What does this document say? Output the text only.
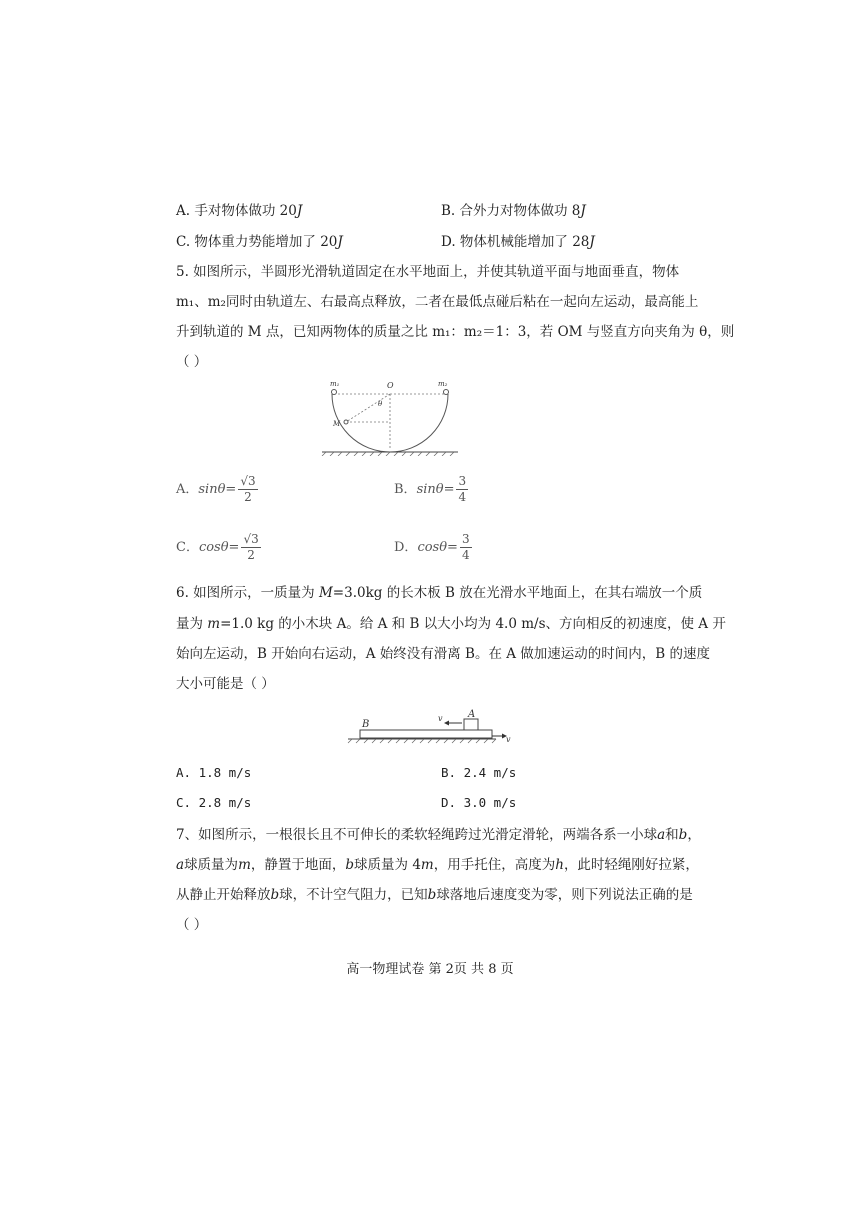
A. 手对物体做功 20J	B. 合外力对物体做功 8J
C. 物体重力势能增加了 20J	D. 物体机械能增加了 28J
5. 如图所示，半圆形光滑轨道固定在水平地面上，并使其轨道平面与地面垂直，物体
m₁、m₂同时由轨道左、右最高点释放，二者在最低点碰后粘在一起向左运动，最高能上
升到轨道的 M 点，已知两物体的质量之比 m₁：m₂＝1：3，若 OM 与竖直方向夹角为 θ，则
（ ）
m₁	m₂
O
θ
M
A．$\sin\theta= \frac{√3}{2}$	B．$\sin\theta= \frac{3}{4}$
C．$\cos\theta= \frac{√3}{2}$	D．$\cos\theta= \frac{3}{4}$
6. 如图所示，一质量为 M=3.0kg 的长木板 B 放在光滑水平地面上，在其右端放一个质
量为 m=1.0 kg 的小木块 A。给 A 和 B 以大小均为 4.0 m/s、方向相反的初速度，使 A 开
始向左运动，B 开始向右运动，A 始终没有滑离 B。在 A 做加速运动的时间内，B 的速度
大小可能是（ ）
B
A
v
v
A. 1.8 m/s	B. 2.4 m/s
C. 2.8 m/s	D. 3.0 m/s
7、如图所示，一根很长且不可伸长的柔软轻绳跨过光滑定滑轮，两端各系一小球a和b，
a球质量为m，静置于地面，b球质量为 4m，用手托住，高度为h，此时轻绳刚好拉紧，
从静止开始释放b球，不计空气阻力，已知b球落地后速度变为零，则下列说法正确的是
（ ）
高一物理试卷 第 2页 共 8 页
